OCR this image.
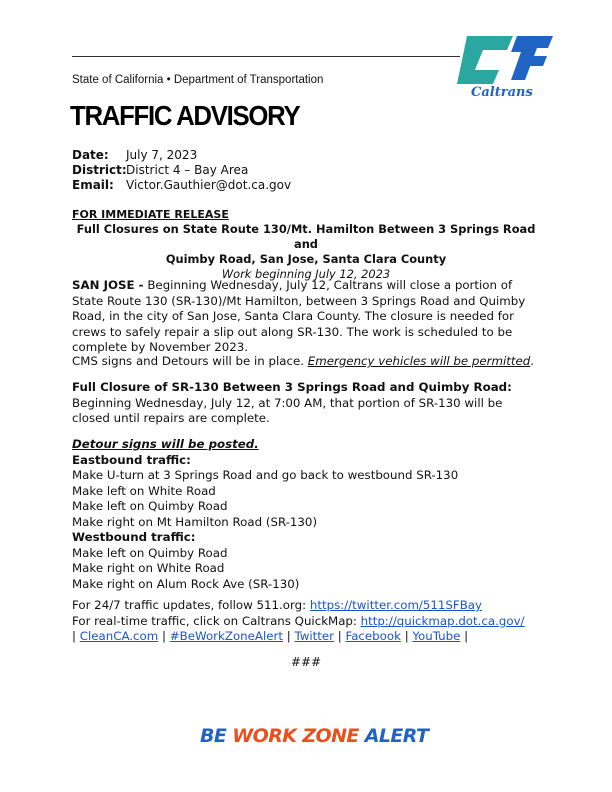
Caltrans
State of California • Department of Transportation
TRAFFIC ADVISORY
Date:	July 7, 2023
District: District 4 – Bay Area
Email:	Victor.Gauthier@dot.ca.gov
FOR IMMEDIATE RELEASE
Full Closures on State Route 130/Mt. Hamilton Between 3 Springs Road and
Quimby Road, San Jose, Santa Clara County
Work beginning July 12, 2023
SAN JOSE - Beginning Wednesday, July 12, Caltrans will close a portion of State Route 130 (SR-130)/Mt Hamilton, between 3 Springs Road and Quimby Road, in the city of San Jose, Santa Clara County. The closure is needed for crews to safely repair a slip out along SR-130. The work is scheduled to be complete by November 2023.
CMS signs and Detours will be in place. Emergency vehicles will be permitted.
Full Closure of SR-130 Between 3 Springs Road and Quimby Road:
Beginning Wednesday, July 12, at 7:00 AM, that portion of SR-130 will be closed until repairs are complete.
Detour signs will be posted.
Eastbound traffic:
Make U-turn at 3 Springs Road and go back to westbound SR-130
Make left on White Road
Make left on Quimby Road
Make right on Mt Hamilton Road (SR-130)
Westbound traffic:
Make left on Quimby Road
Make right on White Road
Make right on Alum Rock Ave (SR-130)
For 24/7 traffic updates, follow 511.org: https://twitter.com/511SFBay
For real-time traffic, click on Caltrans QuickMap: http://quickmap.dot.ca.gov/
| CleanCA.com | #BeWorkZoneAlert | Twitter | Facebook | YouTube |
###
BE WORK ZONE ALERT
